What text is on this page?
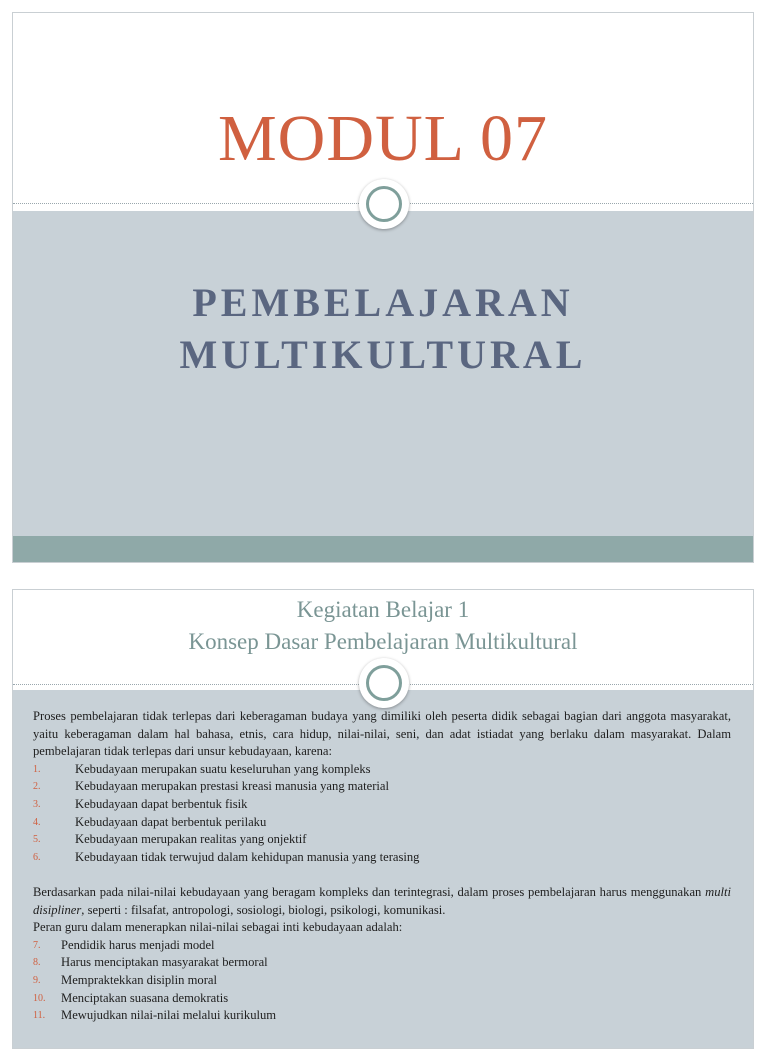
MODUL 07
PEMBELAJARAN
MULTIKULTURAL
Kegiatan Belajar 1
Konsep Dasar Pembelajaran Multikultural

Proses pembelajaran tidak terlepas dari keberagaman budaya yang dimiliki oleh peserta didik sebagai bagian dari anggota masyarakat, yaitu keberagaman dalam hal bahasa, etnis, cara hidup, nilai-nilai, seni, dan adat istiadat yang berlaku dalam masyarakat. Dalam pembelajaran tidak terlepas dari unsur kebudayaan, karena:

1.	Kebudayaan merupakan suatu keseluruhan yang kompleks
2.	Kebudayaan merupakan prestasi kreasi manusia yang material
3.	Kebudayaan dapat berbentuk fisik
4.	Kebudayaan dapat berbentuk perilaku
5.	Kebudayaan merupakan realitas yang onjektif
6.	Kebudayaan tidak terwujud dalam kehidupan manusia yang terasing

Berdasarkan pada nilai-nilai kebudayaan yang beragam kompleks dan terintegrasi, dalam proses pembelajaran harus menggunakan multi disipliner, seperti : filsafat, antropologi, sosiologi, biologi, psikologi, komunikasi.

Peran guru dalam menerapkan nilai-nilai sebagai inti kebudayaan adalah:

7.	Pendidik harus menjadi model
8.	Harus menciptakan masyarakat bermoral
9.	Mempraktekkan disiplin moral
10.	Menciptakan suasana demokratis
11.	Mewujudkan nilai-nilai melalui kurikulum
